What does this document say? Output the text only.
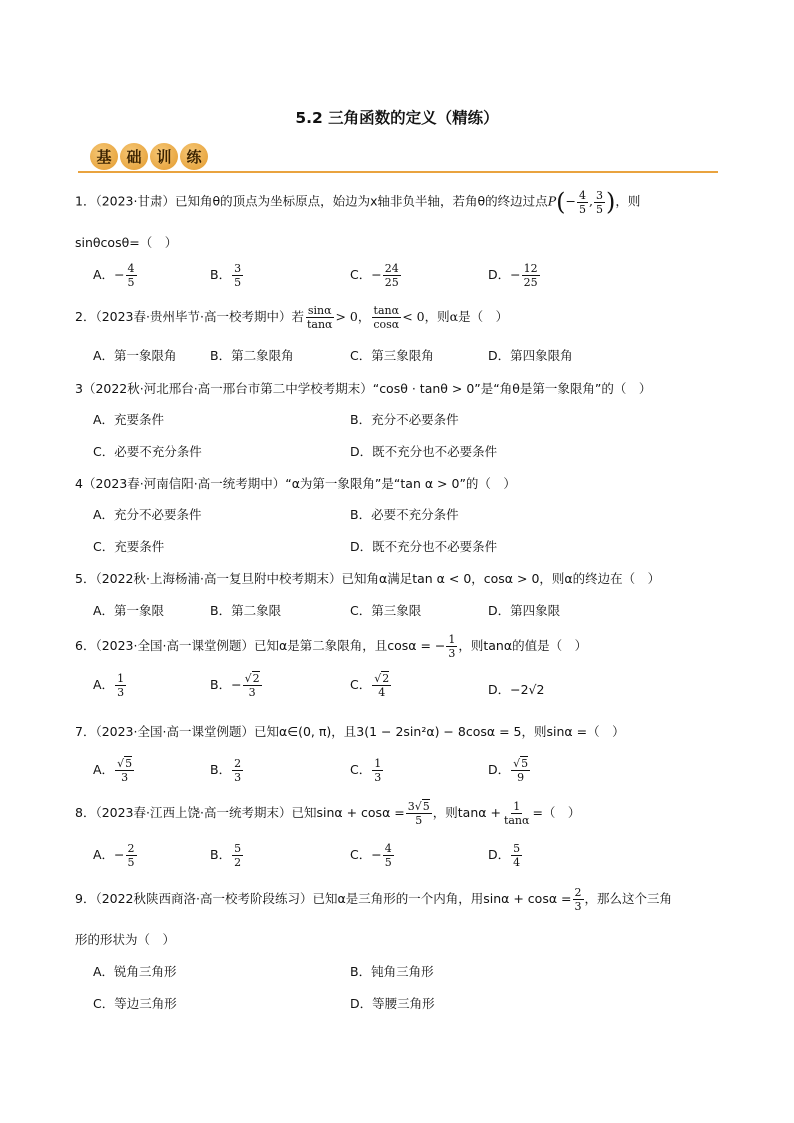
5.2 三角函数的定义（精练）
基 础 训 练
1．（2023·甘肃）已知角θ的顶点为坐标原点，始边为x轴非负半轴，若角θ的终边过点$P(- \frac{4}{5}$ , $\frac{3}{5}$ )，则
sinθcosθ=（　）
A．− $\frac{4}{5}$	B． $\frac{3}{5}$	C．− $\frac{24}{25}$	D．− $\frac{12}{25}$
2．（2023春·贵州毕节·高一校考期中）若 $\frac{\sin\alpha}{\tan\alpha} > 0$， $\frac{\tan\alpha}{\cos\alpha} < 0$，则α是（　）
A．第一象限角	B．第二象限角	C．第三象限角	D．第四象限角
3（2022秋·河北邢台·高一邢台市第二中学校考期末）“cosθ · tanθ > 0”是“角θ是第一象限角”的（　）
A．充要条件	B．充分不必要条件
C．必要不充分条件	D．既不充分也不必要条件
4（2023春·河南信阳·高一统考期中）“α为第一象限角”是“tan α > 0”的（　）
A．充分不必要条件	B．必要不充分条件
C．充要条件	D．既不充分也不必要条件
5．（2022秋·上海杨浦·高一复旦附中校考期末）已知角α满足tan α < 0，cosα > 0，则α的终边在（　）
A．第一象限	B．第二象限	C．第三象限	D．第四象限
6．（2023·全国·高一课堂例题）已知α是第二象限角，且cosα = − $\frac{1}{3}$ ，则tanα的值是（　）
A． $\frac{1}{3}$	B．− $\frac{√2}{3}$	C． $\frac{√2}{4}$	D．−2√2
7．（2023·全国·高一课堂例题）已知α∈(0, π)，且3(1 − 2sin²α) − 8cosα = 5，则sinα =（　）
A． $\frac{√5}{3}$	B． $\frac{2}{3}$	C． $\frac{1}{3}$	D． $\frac{√5}{9}$
8．（2023春·江西上饶·高一统考期末）已知$\sin\alpha + \cos\alpha = \frac{3√5}{5}$ ，则$\tan\alpha + \frac{1}{\tan\alpha}$ =（　）
A．− $\frac{2}{5}$	B． $\frac{5}{2}$	C．− $\frac{4}{5}$	D． $\frac{5}{4}$
9．（2022秋陕西商洛·高一校考阶段练习）已知α是三角形的一个内角，用$\sin\alpha + \cos\alpha = \frac{2}{3}$ ，那么这个三角
形的形状为（　）
A．锐角三角形	B．钝角三角形
C．等边三角形	D．等腰三角形
